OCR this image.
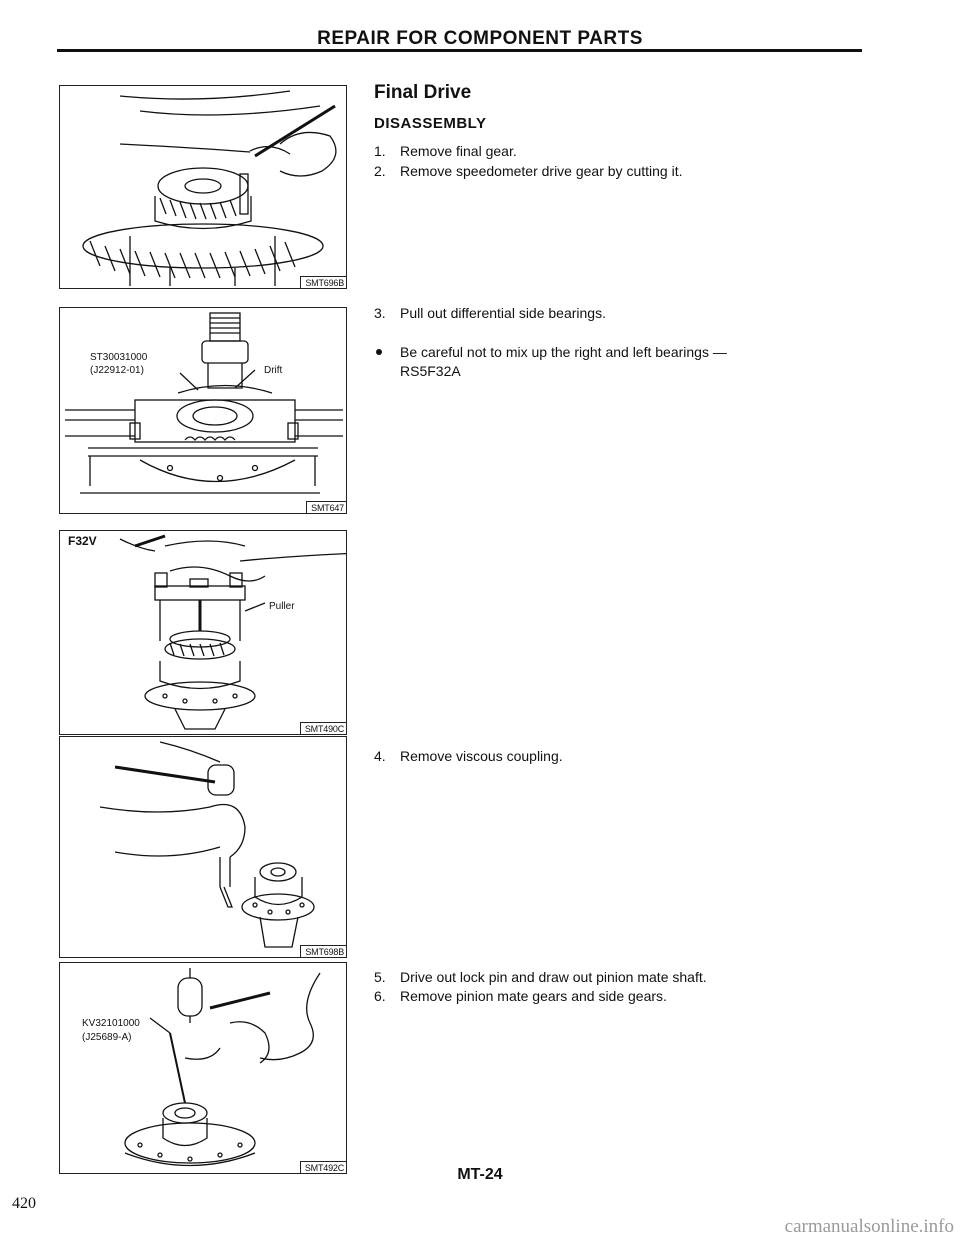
REPAIR FOR COMPONENT PARTS
SMT696B
ST30031000
(J22912-01)	Drift
SMT647
F32V
Puller
SMT490C
SMT698B
KV32101000
(J25689-A)
SMT492C
Final Drive
DISASSEMBLY
1. Remove final gear.
2. Remove speedometer drive gear by cutting it.
3. Pull out differential side bearings.
Be careful not to mix up the right and left bearings —
RS5F32A
4. Remove viscous coupling.
5. Drive out lock pin and draw out pinion mate shaft.
6. Remove pinion mate gears and side gears.
MT-24
420
carmanualsonline.info
